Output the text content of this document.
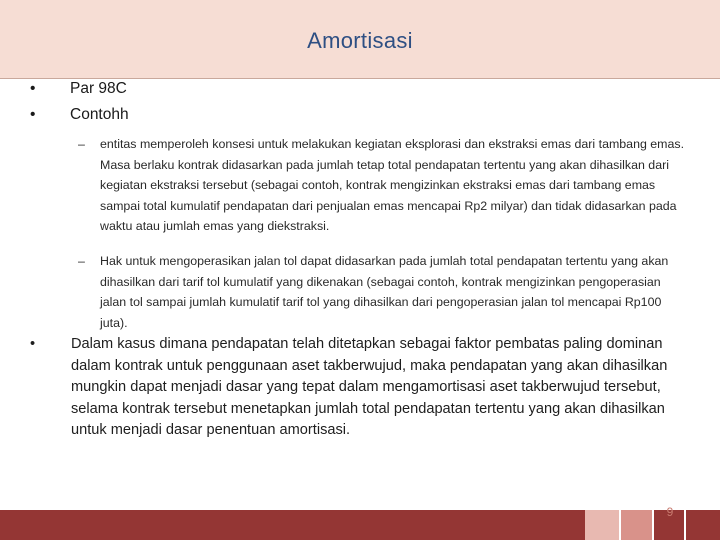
Amortisasi
•	Par 98C
•	Contohh
– entitas memperoleh konsesi untuk melakukan kegiatan eksplorasi dan ekstraksi emas dari tambang emas. Masa berlaku kontrak didasarkan pada jumlah tetap total pendapatan tertentu yang akan dihasilkan dari kegiatan ekstraksi tersebut (sebagai contoh, kontrak mengizinkan ekstraksi emas dari tambang emas sampai total kumulatif pendapatan dari penjualan emas mencapai Rp2 milyar) dan tidak didasarkan pada waktu atau jumlah emas yang diekstraksi.
– Hak untuk mengoperasikan jalan tol dapat didasarkan pada jumlah total pendapatan tertentu yang akan dihasilkan dari tarif tol kumulatif yang dikenakan (sebagai contoh, kontrak mengizinkan pengoperasian jalan tol sampai jumlah kumulatif tarif tol yang dihasilkan dari pengoperasian jalan tol mencapai Rp100 juta).
• Dalam kasus dimana pendapatan telah ditetapkan sebagai faktor pembatas paling dominan dalam kontrak untuk penggunaan aset takberwujud, maka pendapatan yang akan dihasilkan mungkin dapat menjadi dasar yang tepat dalam mengamortisasi aset takberwujud tersebut, selama kontrak tersebut menetapkan jumlah total pendapatan tertentu yang akan dihasilkan untuk menjadi dasar penentuan amortisasi.
9
